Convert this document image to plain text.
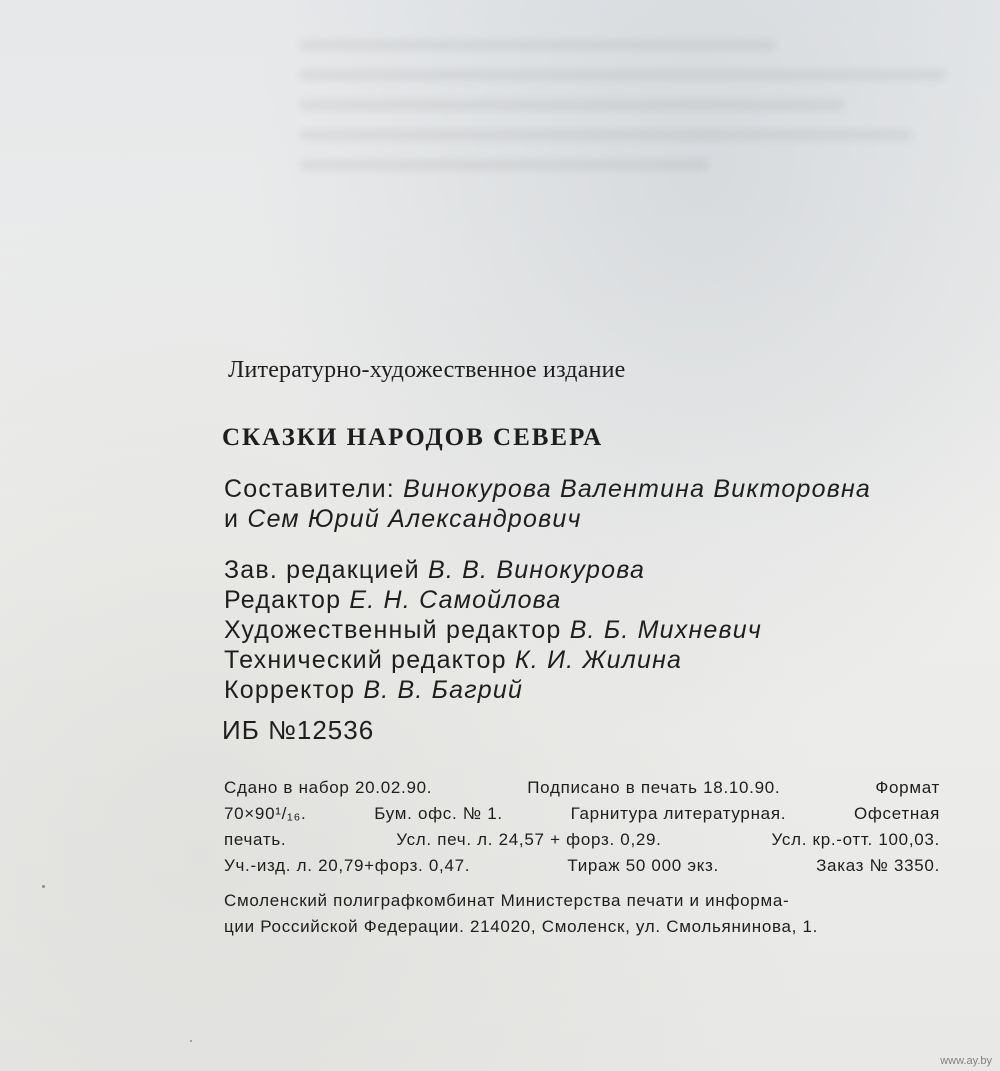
Литературно-художественное издание
СКАЗКИ НАРОДОВ СЕВЕРА
Составители: Винокурова Валентина Викторовна
и Сем Юрий Александрович
Зав. редакцией В. В. Винокурова
Редактор Е. Н. Самойлова
Художественный редактор В. Б. Михневич
Технический редактор К. И. Жилина
Корректор В. В. Багрий
ИБ №12536
Сдано в набор 20.02.90.	Подписано в печать 18.10.90.	Формат
70×90¹/₁₆.	Бум. офс. № 1.	Гарнитура литературная.	Офсетная
печать.	Усл. печ. л. 24,57 + форз. 0,29.	Усл. кр.-отт. 100,03.
Уч.-изд. л. 20,79+форз. 0,47.	Тираж 50 000 экз.	Заказ № 3350.
Смоленский полиграфкомбинат Министерства печати и информа-
ции Российской Федерации. 214020, Смоленск, ул. Смольянинова, 1.
www.ay.by
